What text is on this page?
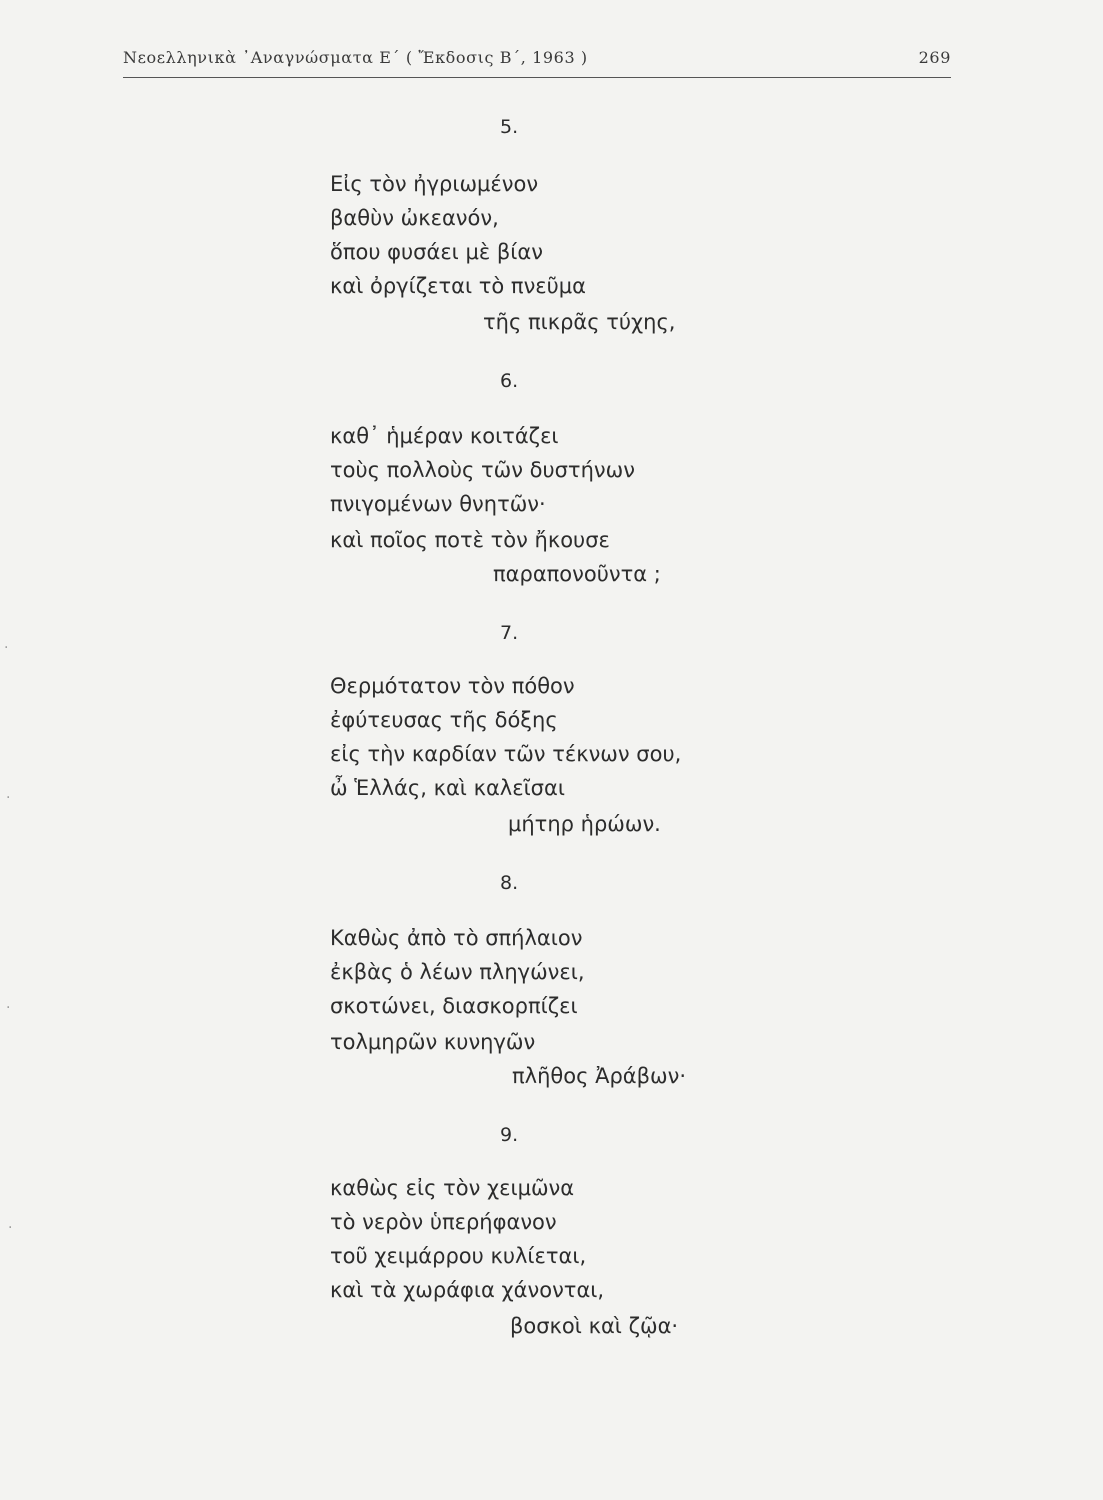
Νεοελληνικὰ ᾿Αναγνώσματα Ε΄ ( Ἔκδοσις Β΄, 1963 )	269
5.
Εἰς τὸν ἠγριωμένον
βαθὺν ὠκεανόν,
ὅπου φυσάει μὲ βίαν
καὶ ὀργίζεται τὸ πνεῦμα
τῆς πικρᾶς τύχης,
6.
καθ᾿ ἡμέραν κοιτάζει
τοὺς πολλοὺς τῶν δυστήνων
πνιγομένων θνητῶν·
καὶ ποῖος ποτὲ τὸν ἤκουσε
παραπονοῦντα ;
7.
Θερμότατον τὸν πόθον
ἐφύτευσας τῆς δόξης
εἰς τὴν καρδίαν τῶν τέκνων σου,
ὦ Ἑλλάς, καὶ καλεῖσαι
μήτηρ ἡρώων.
8.
Καθὼς ἀπὸ τὸ σπήλαιον
ἐκβὰς ὁ λέων πληγώνει,
σκοτώνει, διασκορπίζει
τολμηρῶν κυνηγῶν
πλῆθος Ἀράβων·
9.
καθὼς εἰς τὸν χειμῶνα
τὸ νερὸν ὑπερήφανον
τοῦ χειμάρρου κυλίεται,
καὶ τὰ χωράφια χάνονται,
βοσκοὶ καὶ ζῷα·
·
·
·
·
